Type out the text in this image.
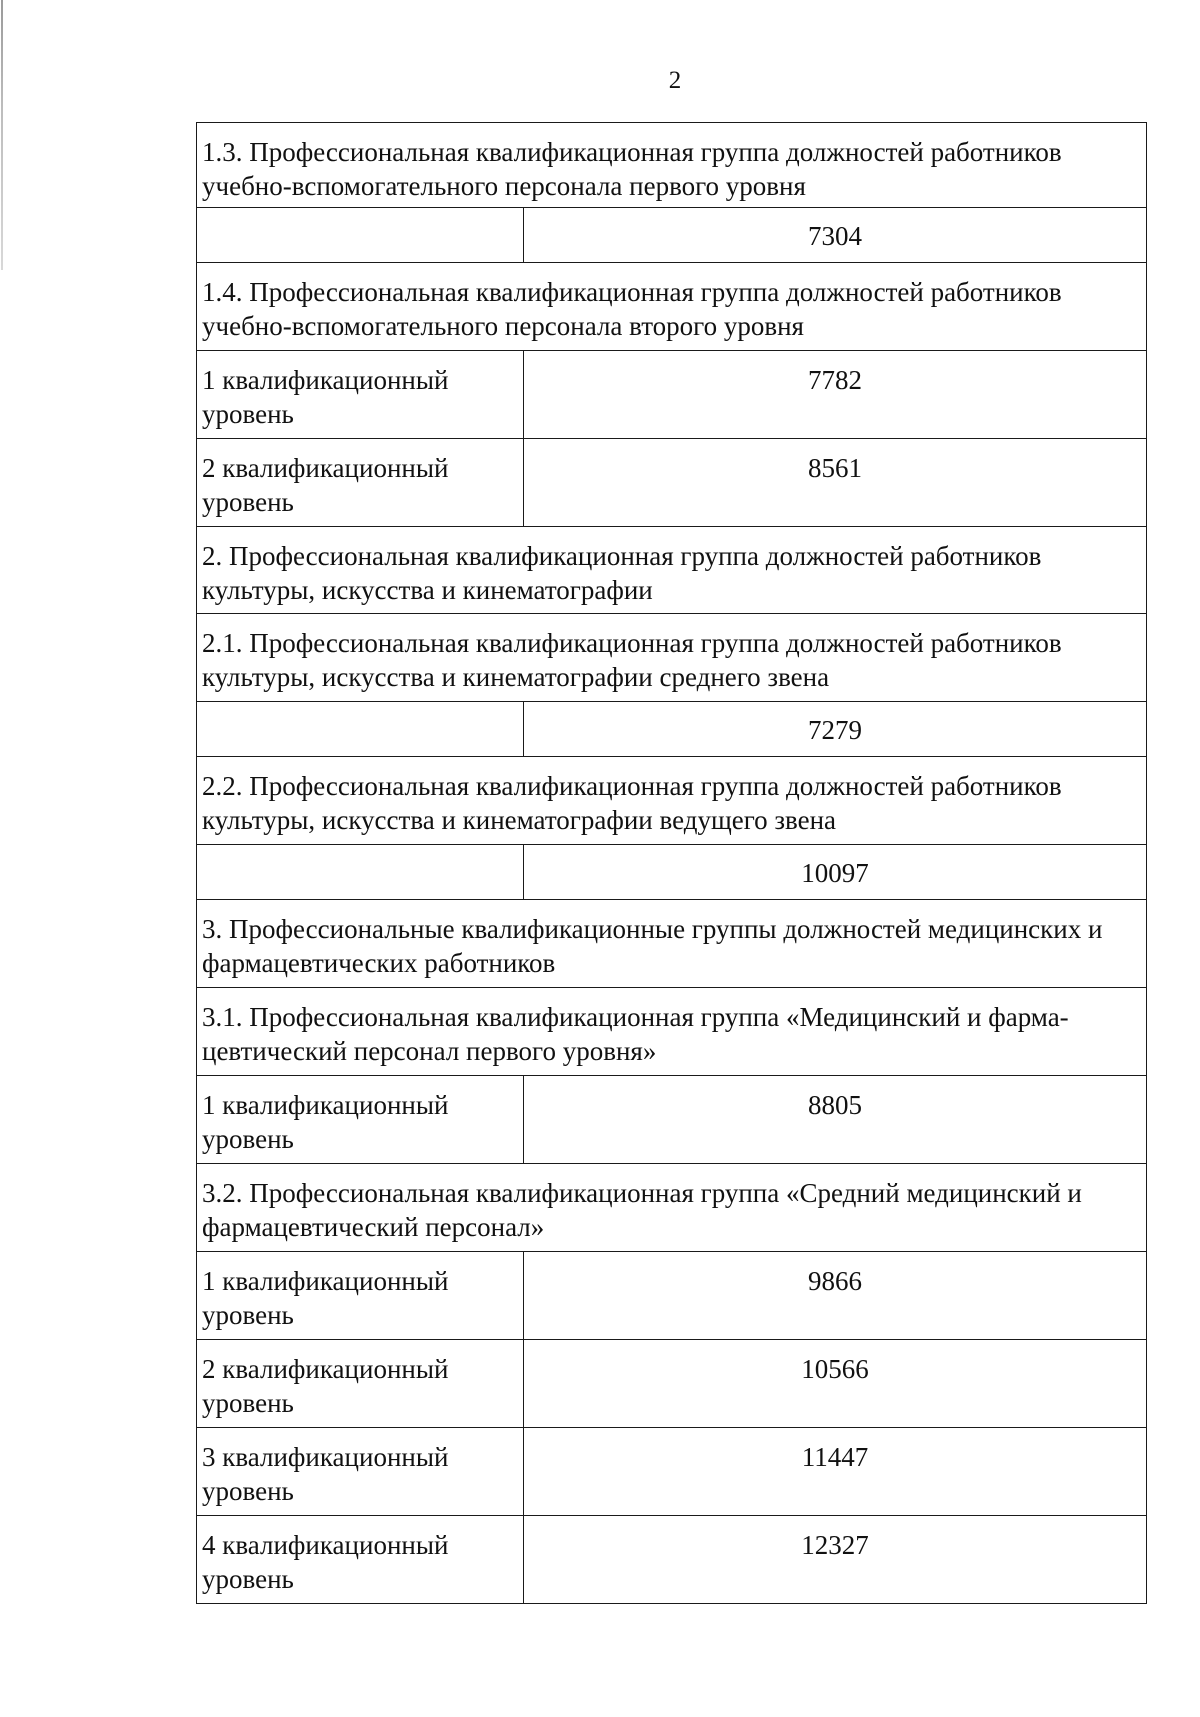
2
1.3. Профессиональная квалификационная группа должностей работников учебно-вспомогательного персонала первого уровня	
	7304
1.4. Профессиональная квалификационная группа должностей работников учебно-вспомогательного персонала второго уровня	
1 квалификационный уровень	7782
2 квалификационный уровень	8561
2. Профессиональная квалификационная группа должностей работников культуры, искусства и кинематографии	
2.1. Профессиональная квалификационная группа должностей работников культуры, искусства и кинематографии среднего звена	
	7279
2.2. Профессиональная квалификационная группа должностей работников культуры, искусства и кинематографии ведущего звена	
	10097
3. Профессиональные квалификационные группы должностей медицинских и фармацевтических работников	
3.1. Профессиональная квалификационная группа «Медицинский и фарма-цевтический персонал первого уровня»	
1 квалификационный уровень	8805
3.2. Профессиональная квалификационная группа «Средний медицинский и фармацевтический персонал»	
1 квалификационный уровень	9866
2 квалификационный уровень	10566
3 квалификационный уровень	11447
4 квалификационный уровень	12327
